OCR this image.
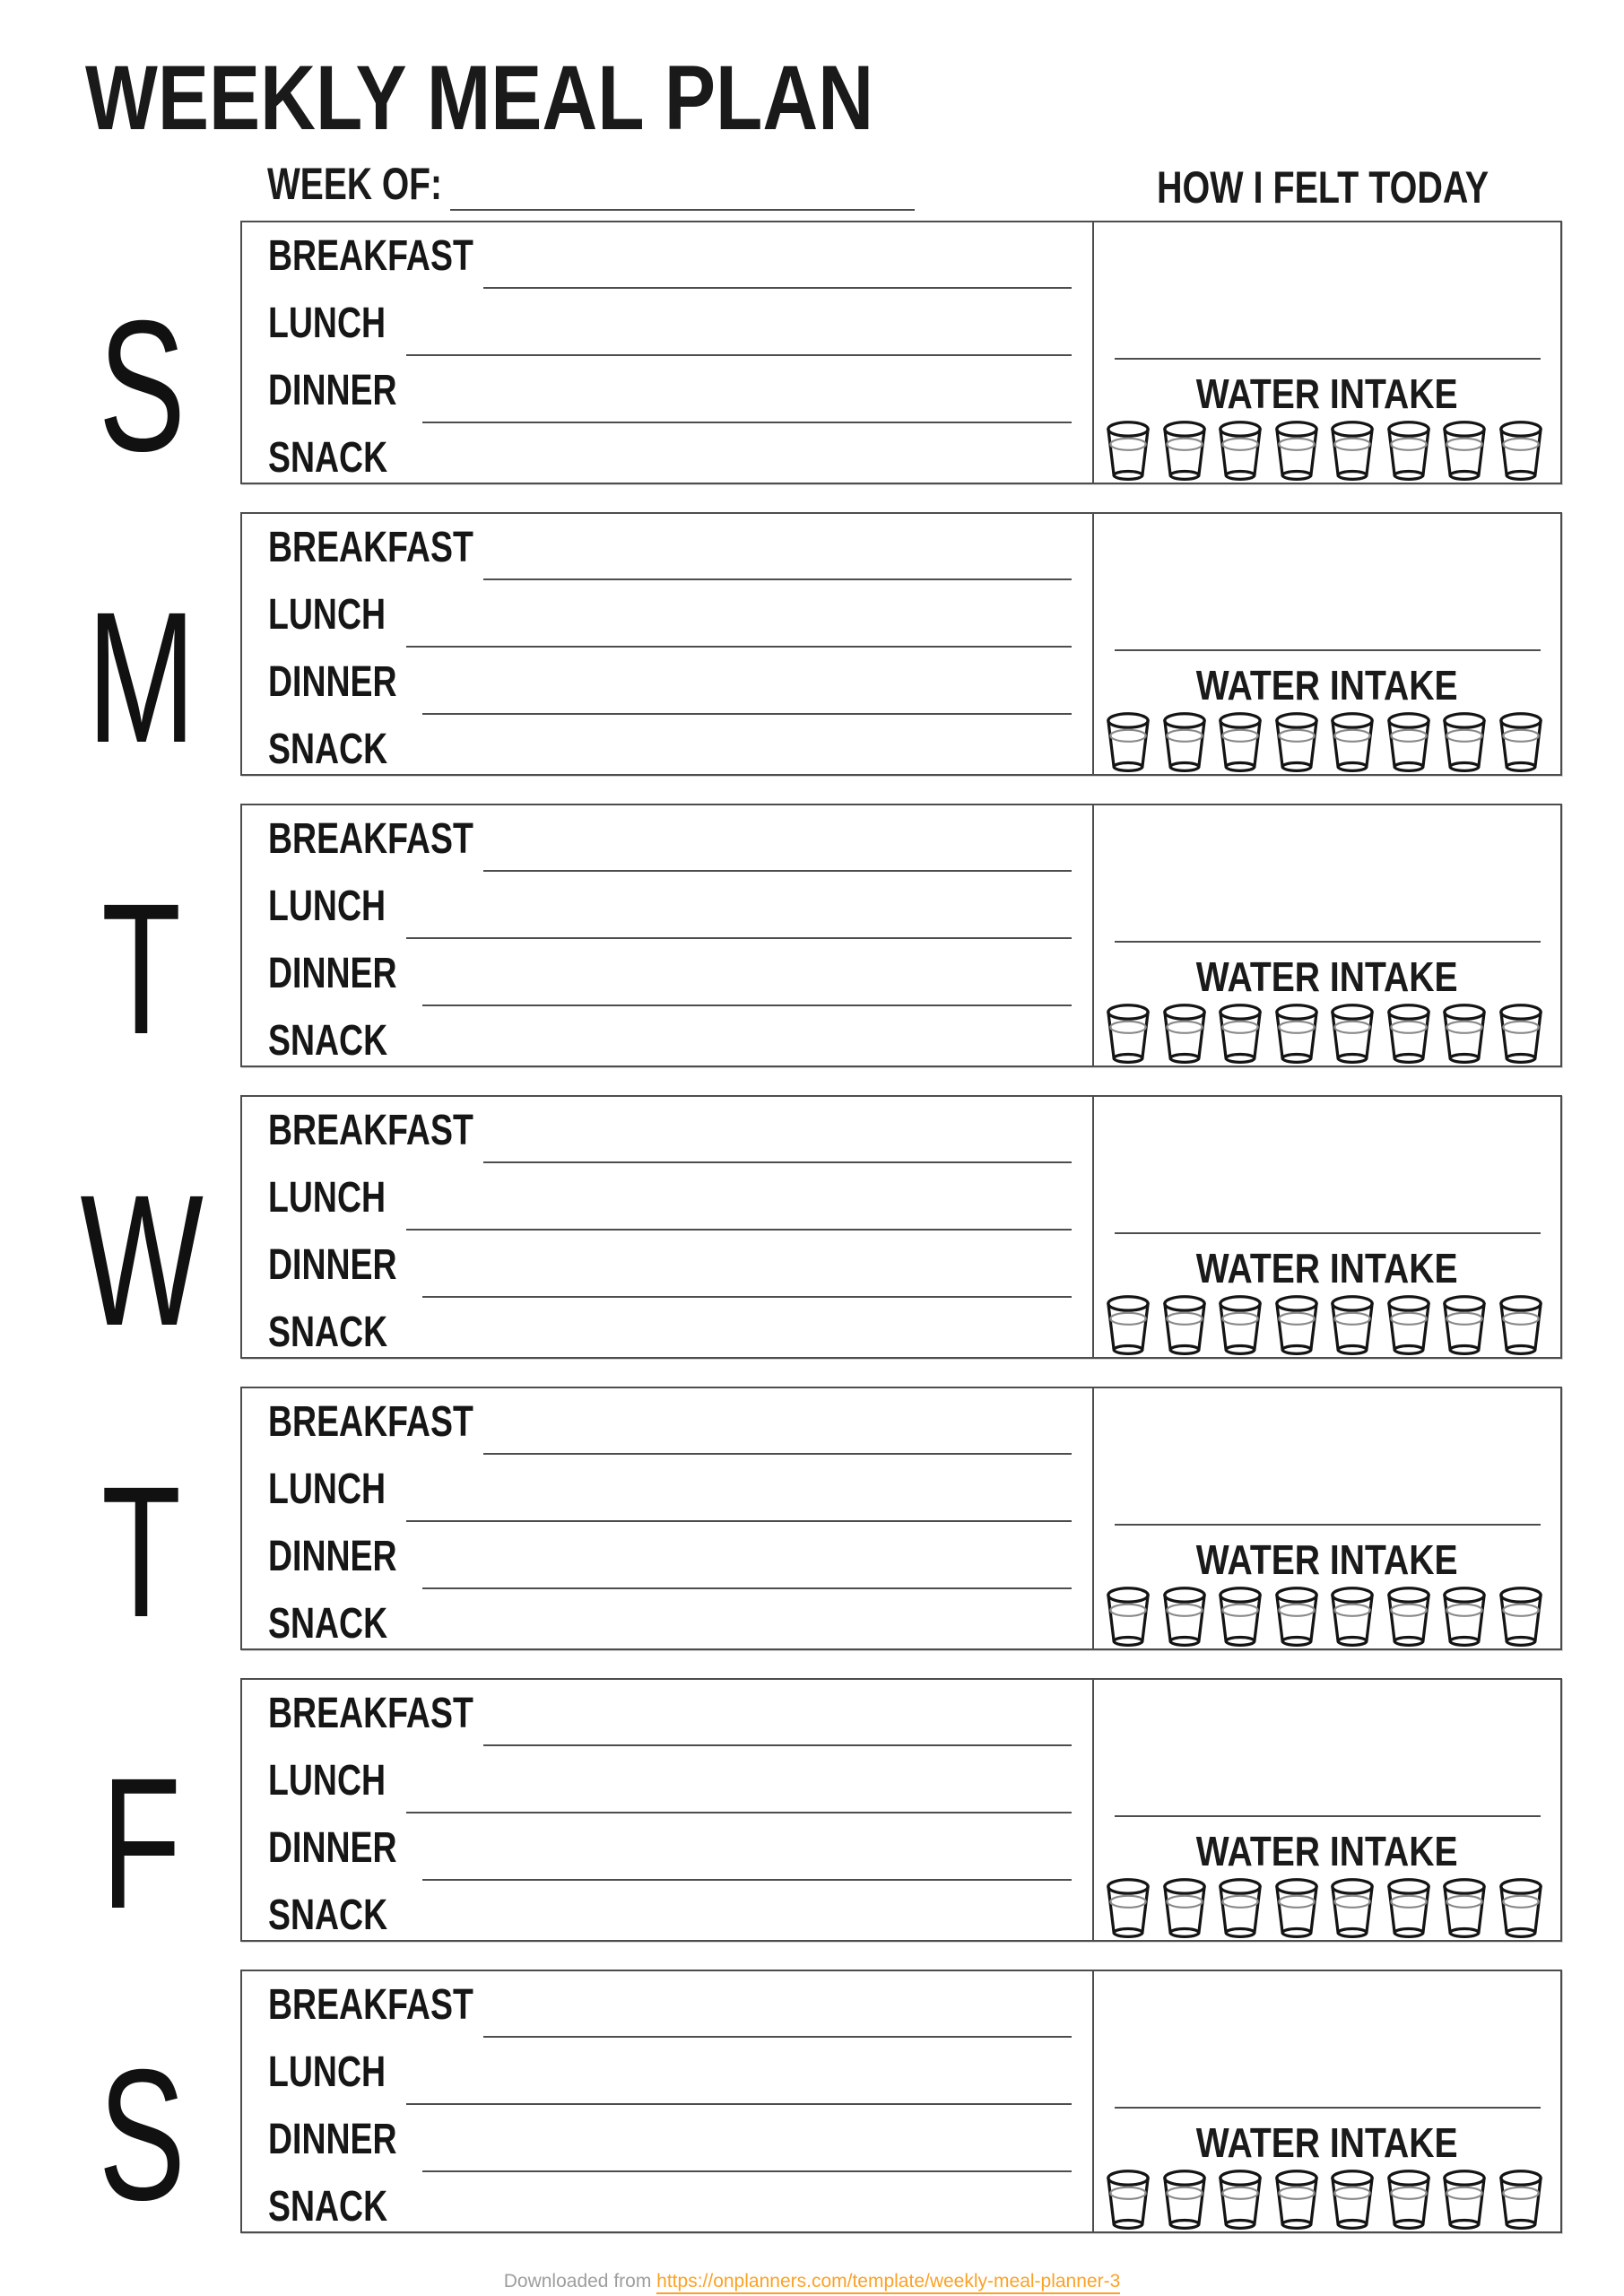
WEEKLY MEAL PLAN
WEEK OF:	HOW I FELT TODAY
S
BREAKFAST
LUNCH
DINNER
SNACK
WATER INTAKE
M
BREAKFAST
LUNCH
DINNER
SNACK
WATER INTAKE
T
BREAKFAST
LUNCH
DINNER
SNACK
WATER INTAKE
W
BREAKFAST
LUNCH
DINNER
SNACK
WATER INTAKE
T
BREAKFAST
LUNCH
DINNER
SNACK
WATER INTAKE
F
BREAKFAST
LUNCH
DINNER
SNACK
WATER INTAKE
S
BREAKFAST
LUNCH
DINNER
SNACK
WATER INTAKE
Downloaded from https://onplanners.com/template/weekly-meal-planner-3
